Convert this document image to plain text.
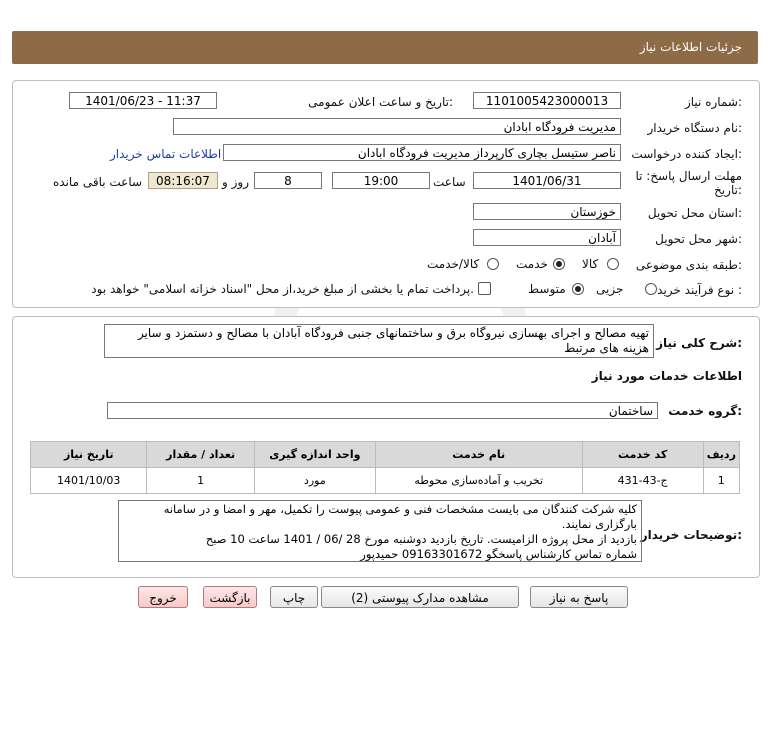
جزئیات اطلاعات نیاز
شماره نیاز:
1101005423000013
تاریخ و ساعت اعلان عمومی:
1401/06/23 - 11:37
نام دستگاه خریدار:
مدیریت فرودگاه ابادان
ایجاد کننده درخواست:
ناصر ستیسل بچاری کارپرداز مدیریت فرودگاه ابادان
اطلاعات تماس خریدار
مهلت ارسال پاسخ: تا
تاریخ:
1401/06/31
ساعت
19:00
8
روز و
08:16:07
ساعت باقی مانده
استان محل تحویل:
خوزستان
شهر محل تحویل:
آبادان
طبقه بندی موضوعی:
کالا
خدمت
کالا/خدمت
نوع فرآیند خرید :
جزیی
متوسط
پرداخت تمام یا بخشی از مبلغ خرید،از محل "اسناد خزانه اسلامی" خواهد بود.
شرح کلی نیاز:
تهیه مصالح و اجرای بهسازی نیروگاه برق و ساختمانهای جنبی فرودگاه آبادان با مصالح و دستمزد و سایر هزینه های مرتبط
اطلاعات خدمات مورد نیاز
گروه خدمت:
ساختمان
ردیف	کد خدمت	نام خدمت	واحد اندازه گیری	تعداد / مقدار	تاریخ نیاز
1	ج-43-431	تخریب و آماده‌سازی محوطه	مورد	1	1401/10/03
توضیحات خریدار:
کلیه شرکت کنندگان می بایست مشخصات فنی و عمومی پیوست را تکمیل، مهر و امضا و در سامانه بارگزاری نمایند.
بازدید از محل پروژه الزامیست. تاریخ بازدید دوشنبه مورخ 28 /06 / 1401 ساعت 10 صبح
شماره تماس کارشناس پاسخگو 09163301672 حمیدپور
پاسخ به نیاز
مشاهده مدارک پیوستی (2)
چاپ
بازگشت
خروج
